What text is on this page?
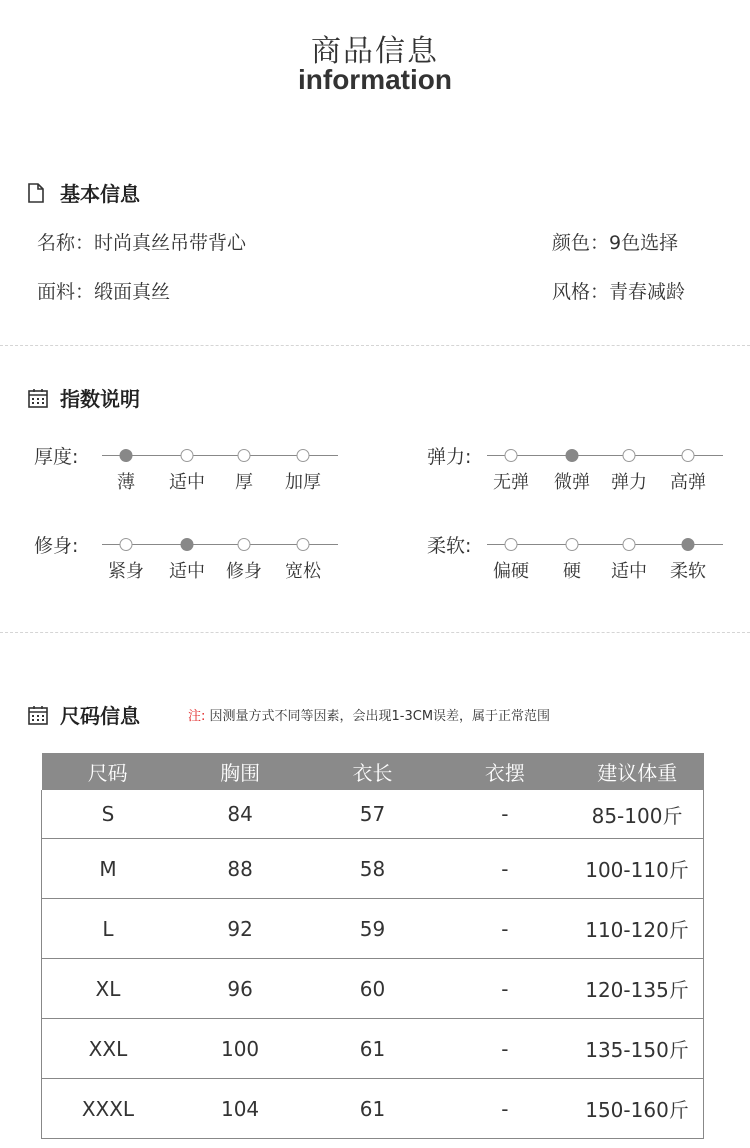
商品信息
information
基本信息
名称：时尚真丝吊带背心	颜色：9色选择
面料：缎面真丝	风格：青春减龄
指数说明
厚度:
薄 适中 厚 加厚
弹力:
无弹 微弹 弹力 高弹
修身:
紧身 适中 修身 宽松
柔软:
偏硬 硬 适中 柔软
尺码信息	注: 因测量方式不同等因素，会出现1-3CM误差，属于正常范围
尺码	胸围	衣长	衣摆	建议体重
S	84	57	-	85-100斤
M	88	58	-	100-110斤
L	92	59	-	110-120斤
XL	96	60	-	120-135斤
XXL	100	61	-	135-150斤
XXXL	104	61	-	150-160斤
